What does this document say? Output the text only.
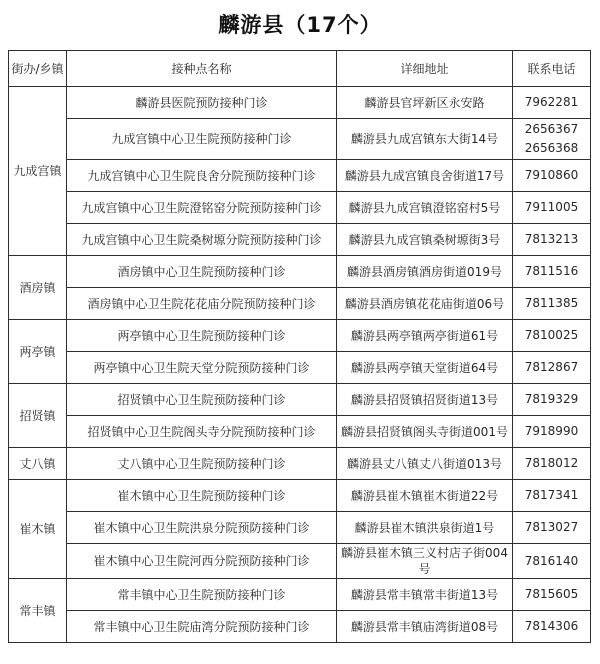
麟游县（17个）
街办/乡镇	接种点名称	详细地址	联系电话
九成宫镇	麟游县医院预防接种门诊	麟游县官坪新区永安路	7962281

	九成宫镇中心卫生院预防接种门诊	麟游县九成宫镇东大街14号	2656367
2656368

	九成宫镇中心卫生院良舍分院预防接种门诊	麟游县九成宫镇良舍街道17号	7910860

	九成宫镇中心卫生院澄铭窑分院预防接种门诊	麟游县九成宫镇澄铭窑村5号	7911005

	九成宫镇中心卫生院桑树塬分院预防接种门诊	麟游县九成宫镇桑树塬街3号	7813213

酒房镇	酒房镇中心卫生院预防接种门诊	麟游县酒房镇酒房街道019号	7811516

	酒房镇中心卫生院花花庙分院预防接种门诊	麟游县酒房镇花花庙街道06号	7811385

两亭镇	两亭镇中心卫生院预防接种门诊	麟游县两亭镇两亭街道61号	7810025

	两亭镇中心卫生院天堂分院预防接种门诊	麟游县两亭镇天堂街道64号	7812867

招贤镇	招贤镇中心卫生院预防接种门诊	麟游县招贤镇招贤街道13号	7819329

	招贤镇中心卫生院阁头寺分院预防接种门诊	麟游县招贤镇阁头寺街道001号	7918990

丈八镇	丈八镇中心卫生院预防接种门诊	麟游县丈八镇丈八街道013号	7818012

崔木镇	崔木镇中心卫生院预防接种门诊	麟游县崔木镇崔木街道22号	7817341

	崔木镇中心卫生院洪泉分院预防接种门诊	麟游县崔木镇洪泉街道1号	7813027

	崔木镇中心卫生院河西分院预防接种门诊	麟游县崔木镇三义村店子街004号	7816140

常丰镇	常丰镇中心卫生院预防接种门诊	麟游县常丰镇常丰街道13号	7815605

	常丰镇中心卫生院庙湾分院预防接种门诊	麟游县常丰镇庙湾街道08号	7814306
